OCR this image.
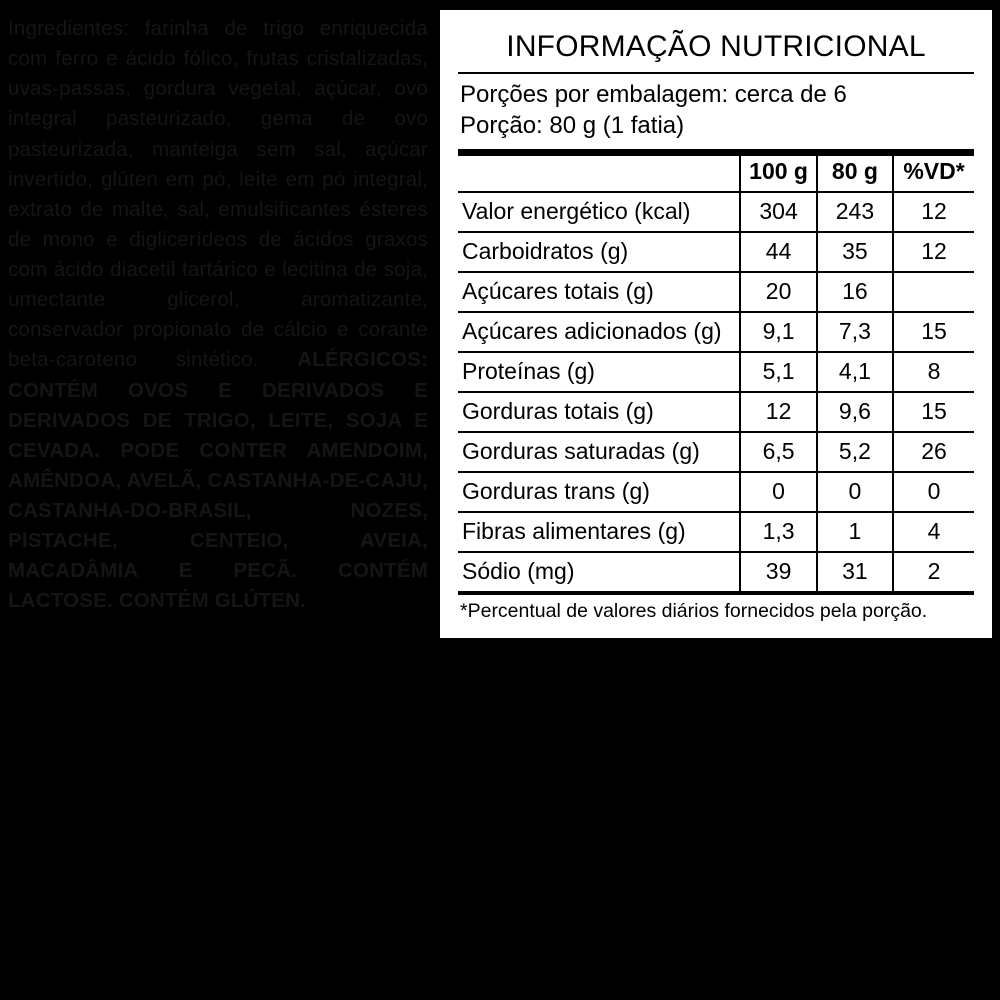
Ingredientes: farinha de trigo enriquecida com ferro e ácido fólico, frutas cristalizadas, uvas-passas, gordura vegetal, açúcar, ovo integral pasteurizado, gema de ovo pasteurizada, manteiga sem sal, açúcar invertido, glúten em pó, leite em pó integral, extrato de malte, sal, emulsificantes ésteres de mono e diglicerídeos de ácidos graxos com ácido diacetil tartárico e lecitina de soja, umectante glicerol, aromatizante, conservador propionato de cálcio e corante beta-caroteno sintético. ALÉRGICOS: CONTÉM OVOS E DERIVADOS E DERIVADOS DE TRIGO, LEITE, SOJA E CEVADA. PODE CONTER AMENDOIM, AMÊNDOA, AVELÃ, CASTANHA-DE-CAJU, CASTANHA-DO-BRASIL, NOZES, PISTACHE, CENTEIO, AVEIA, MACADÂMIA E PECÃ. CONTÉM LACTOSE. CONTÉM GLÚTEN.
INFORMAÇÃO NUTRICIONAL
Porções por embalagem: cerca de 6
Porção: 80 g (1 fatia)
	100 g	80 g	%VD*
Valor energético (kcal)	304	243	12
Carboidratos (g)	44	35	12
Açúcares totais (g)	20	16	
Açúcares adicionados (g)	9,1	7,3	15
Proteínas (g)	5,1	4,1	8
Gorduras totais (g)	12	9,6	15
Gorduras saturadas (g)	6,5	5,2	26
Gorduras trans (g)	0	0	0
Fibras alimentares (g)	1,3	1	4
Sódio (mg)	39	31	2
*Percentual de valores diários fornecidos pela porção.
